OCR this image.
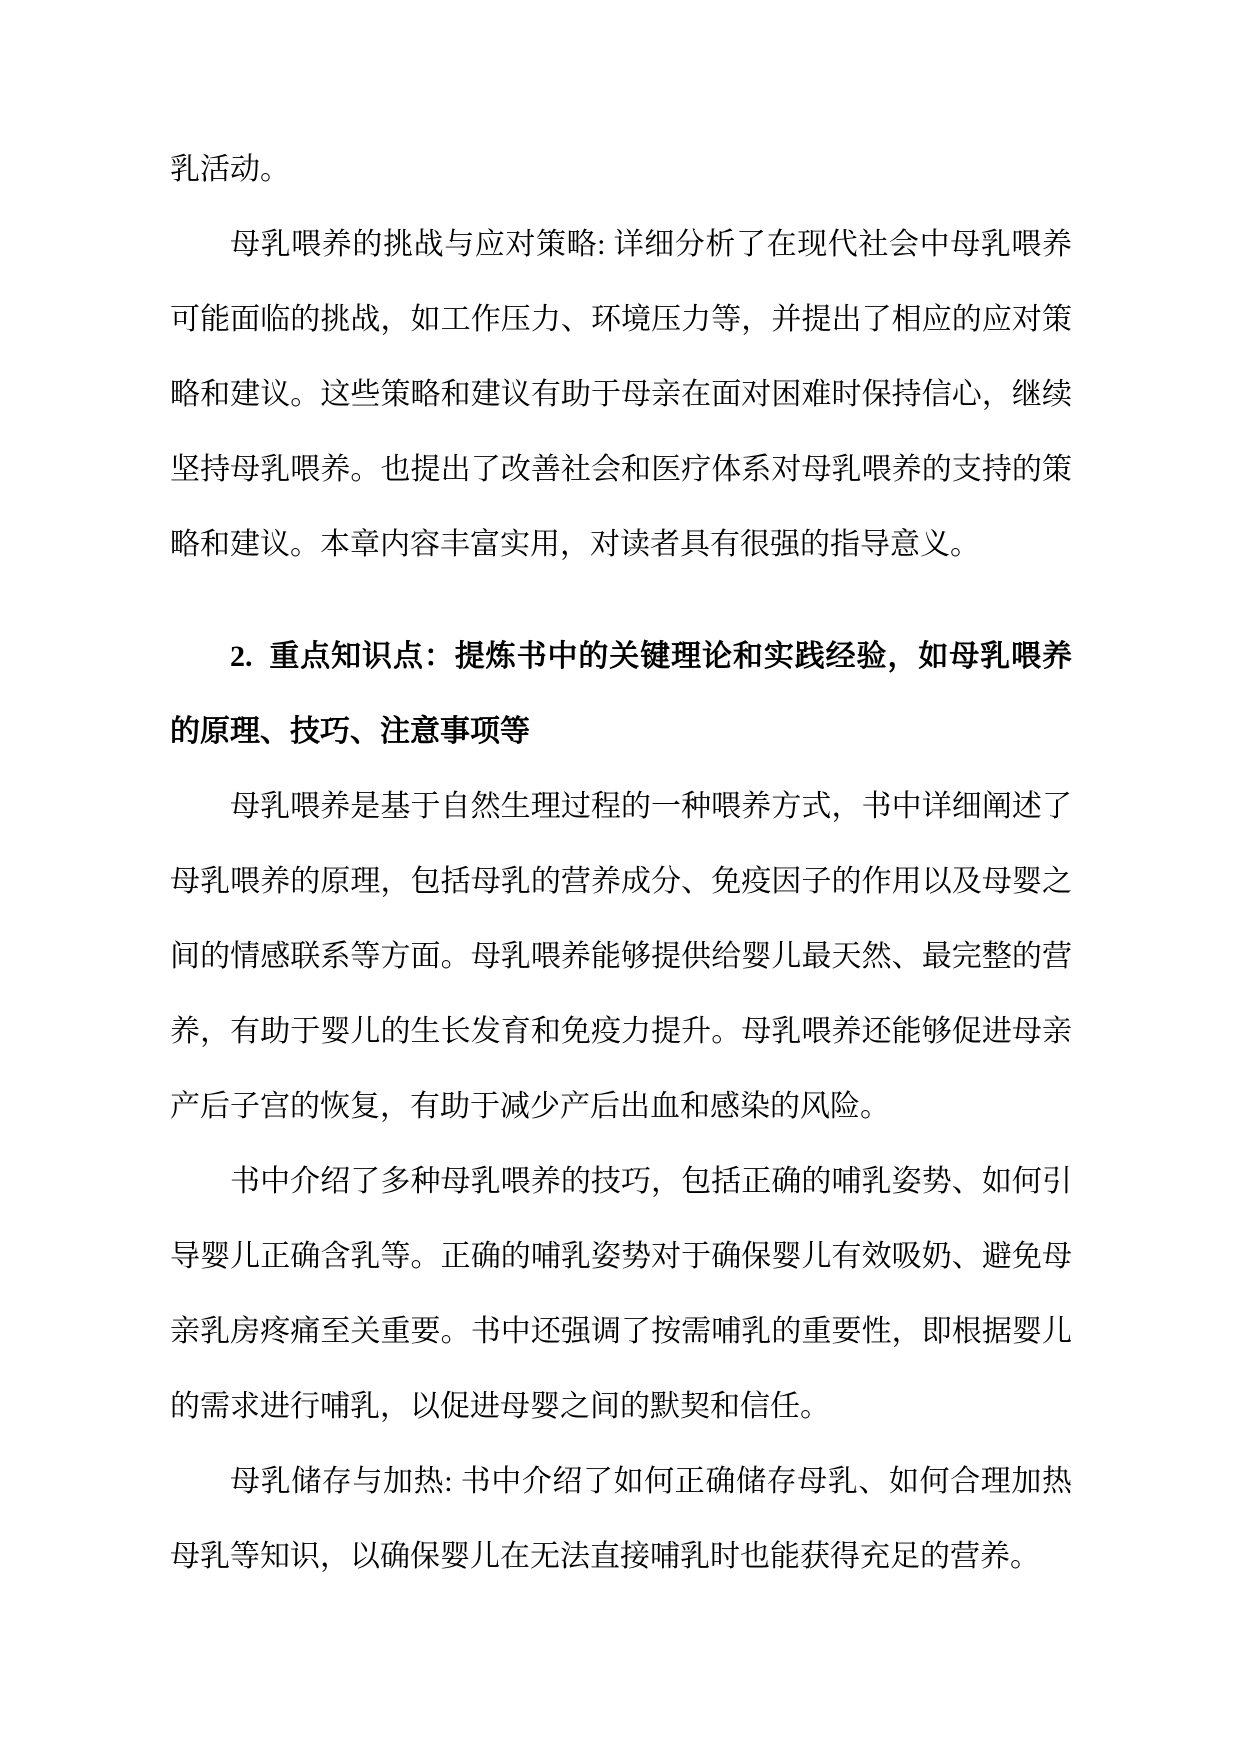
乳活动。
母乳喂养的挑战与应对策略: 详细分析了在现代社会中母乳喂养
可能面临的挑战，如工作压力、环境压力等，并提出了相应的应对策
略和建议。这些策略和建议有助于母亲在面对困难时保持信心，继续
坚持母乳喂养。也提出了改善社会和医疗体系对母乳喂养的支持的策
略和建议。本章内容丰富实用，对读者具有很强的指导意义。
2.  重点知识点：提炼书中的关键理论和实践经验，如母乳喂养
的原理、技巧、注意事项等
母乳喂养是基于自然生理过程的一种喂养方式，书中详细阐述了
母乳喂养的原理，包括母乳的营养成分、免疫因子的作用以及母婴之
间的情感联系等方面。母乳喂养能够提供给婴儿最天然、最完整的营
养，有助于婴儿的生长发育和免疫力提升。母乳喂养还能够促进母亲
产后子宫的恢复，有助于减少产后出血和感染的风险。
书中介绍了多种母乳喂养的技巧，包括正确的哺乳姿势、如何引
导婴儿正确含乳等。正确的哺乳姿势对于确保婴儿有效吸奶、避免母
亲乳房疼痛至关重要。书中还强调了按需哺乳的重要性，即根据婴儿
的需求进行哺乳，以促进母婴之间的默契和信任。
母乳储存与加热: 书中介绍了如何正确储存母乳、如何合理加热
母乳等知识，以确保婴儿在无法直接哺乳时也能获得充足的营养。
